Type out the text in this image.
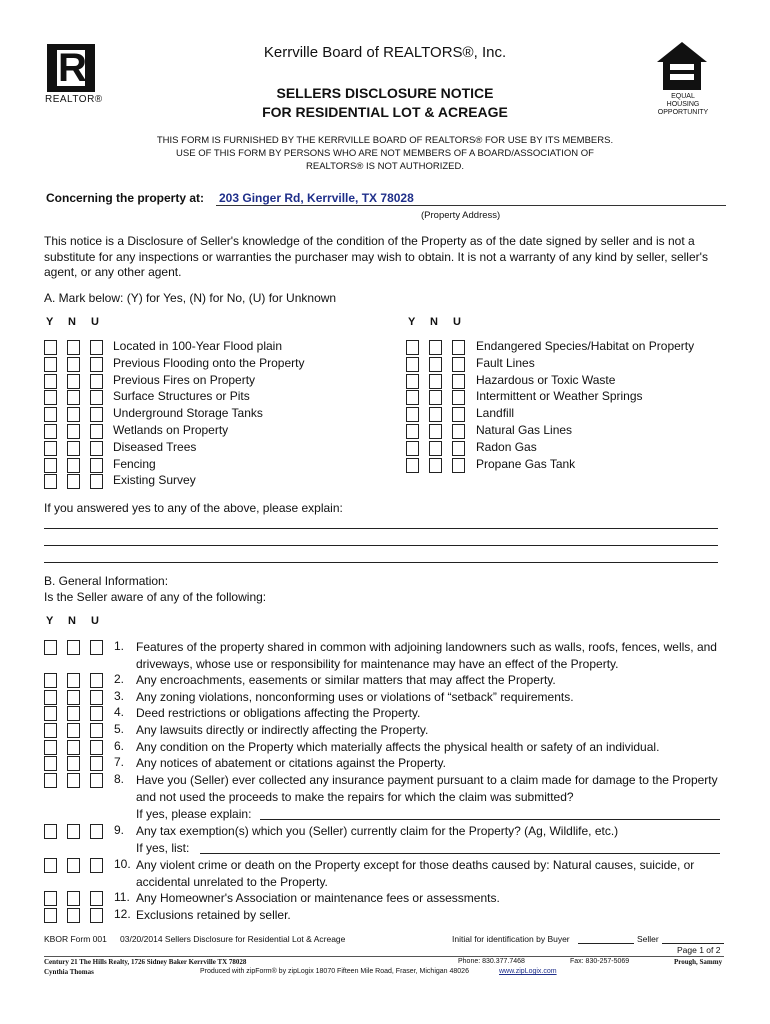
R
REALTOR®	EQUAL HOUSING OPPORTUNITY
Kerrville Board of REALTORS®, Inc.
SELLERS DISCLOSURE NOTICE
FOR RESIDENTIAL LOT & ACREAGE
THIS FORM IS FURNISHED BY THE KERRVILLE BOARD OF REALTORS® FOR USE BY ITS MEMBERS.
USE OF THIS FORM BY PERSONS WHO ARE NOT MEMBERS OF A BOARD/ASSOCIATION OF
REALTORS® IS NOT AUTHORIZED.
Concerning the property at: 203 Ginger Rd, Kerrville, TX 78028
(Property Address)
This notice is a Disclosure of Seller's knowledge of the condition of the Property as of the date signed by seller and is not a substitute for any inspections or warranties the purchaser may wish to obtain. It is not a warranty of any kind by seller, seller's agent, or any other agent.
A. Mark below: (Y) for Yes, (N) for No, (U) for Unknown
Y N U	Y N U
Located in 100-Year Flood plain
Previous Flooding onto the Property
Previous Fires on Property
Surface Structures or Pits
Underground Storage Tanks
Wetlands on Property
Diseased Trees
Fencing
Existing Survey
Endangered Species/Habitat on Property
Fault Lines
Hazardous or Toxic Waste
Intermittent or Weather Springs
Landfill
Natural Gas Lines
Radon Gas
Propane Gas Tank
If you answered yes to any of the above, please explain:
B. General Information:
Is the Seller aware of any of the following:
Y N U
1. Features of the property shared in common with adjoining landowners such as walls, roofs, fences, wells, and driveways, whose use or responsibility for maintenance may have an effect of the Property.
2. Any encroachments, easements or similar matters that may affect the Property.
3. Any zoning violations, nonconforming uses or violations of “setback” requirements.
4. Deed restrictions or obligations affecting the Property.
5. Any lawsuits directly or indirectly affecting the Property.
6. Any condition on the Property which materially affects the physical health or safety of an individual.
7. Any notices of abatement or citations against the Property.
8. Have you (Seller) ever collected any insurance payment pursuant to a claim made for damage to the Property and not used the proceeds to make the repairs for which the claim was submitted?
9. Any tax exemption(s) which you (Seller) currently claim for the Property? (Ag, Wildlife, etc.)
10. Any violent crime or death on the Property except for those deaths caused by: Natural causes, suicide, or accidental unrelated to the Property.
11. Any Homeowner's Association or maintenance fees or assessments.
12. Exclusions retained by seller.
If yes, please explain:
If yes, list:
KBOR Form 001 03/20/2014 Sellers Disclosure for Residential Lot & Acreage	Initial for identification by Buyer	Seller
Page 1 of 2
Century 21 The Hills Realty, 1726 Sidney Baker Kerrville TX 78028	Phone: 830.377.7468	Fax: 830-257-5069	Prough, Sammy
Cynthia Thomas	Produced with zipForm® by zipLogix 18070 Fifteen Mile Road, Fraser, Michigan 48026	www.zipLogix.com
